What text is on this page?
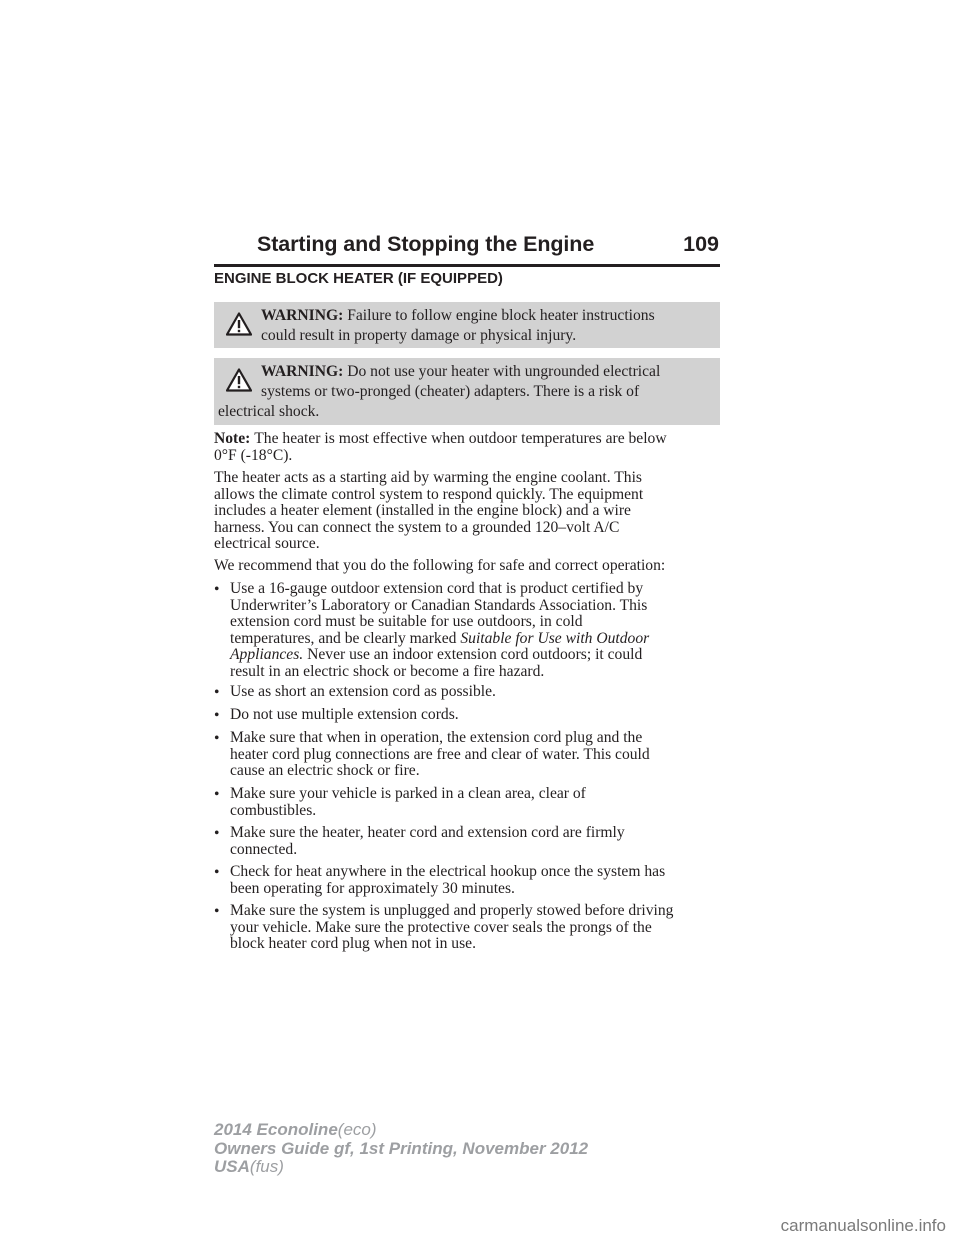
Starting and Stopping the Engine	109
ENGINE BLOCK HEATER (IF EQUIPPED)
WARNING: Failure to follow engine block heater instructions
could result in property damage or physical injury.
WARNING: Do not use your heater with ungrounded electrical
systems or two-pronged (cheater) adapters. There is a risk of
electrical shock.
Note: The heater is most effective when outdoor temperatures are below
0°F (-18°C).
The heater acts as a starting aid by warming the engine coolant. This
allows the climate control system to respond quickly. The equipment
includes a heater element (installed in the engine block) and a wire
harness. You can connect the system to a grounded 120–volt A/C
electrical source.
We recommend that you do the following for safe and correct operation:
• Use a 16-gauge outdoor extension cord that is product certified by
Underwriter’s Laboratory or Canadian Standards Association. This
extension cord must be suitable for use outdoors, in cold
temperatures, and be clearly marked Suitable for Use with Outdoor
Appliances. Never use an indoor extension cord outdoors; it could
result in an electric shock or become a fire hazard.
• Use as short an extension cord as possible.
• Do not use multiple extension cords.
• Make sure that when in operation, the extension cord plug and the
heater cord plug connections are free and clear of water. This could
cause an electric shock or fire.
• Make sure your vehicle is parked in a clean area, clear of
combustibles.
• Make sure the heater, heater cord and extension cord are firmly
connected.
• Check for heat anywhere in the electrical hookup once the system has
been operating for approximately 30 minutes.
• Make sure the system is unplugged and properly stowed before driving
your vehicle. Make sure the protective cover seals the prongs of the
block heater cord plug when not in use.
2014 Econoline(eco)
Owners Guide gf, 1st Printing, November 2012
USA(fus)
carmanualsonline.info
